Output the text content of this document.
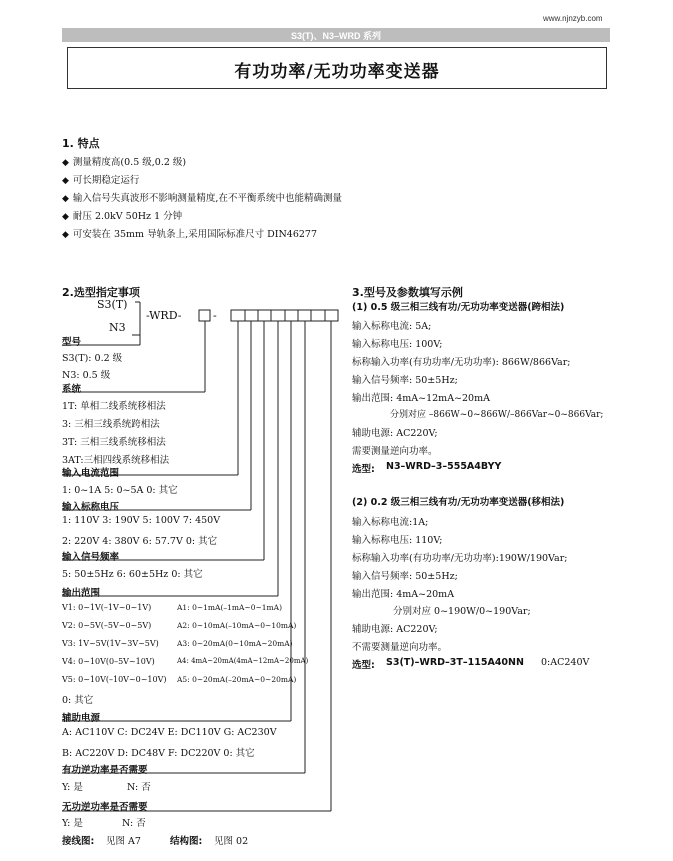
www.njnzyb.com
S3(T)、N3–WRD 系列
有功功率/无功功率变送器
1. 特点
◆ 测量精度高(0.5 级,0.2 级)
◆ 可长期稳定运行
◆ 输入信号失真波形不影响测量精度,在不平衡系统中也能精确测量
◆ 耐压 2.0kV 50Hz 1 分钟
◆ 可安装在 35mm 导轨条上,采用国际标准尺寸 DIN46277
2.选型指定事项
S3(T)
N3
-WRD-	-
型号
S3(T): 0.2 级
N3: 0.5 级
系统
1T: 单相二线系统移相法
3: 三相三线系统跨相法
3T: 三相三线系统移相法
3AT:三相四线系统移相法
输入电流范围
1: 0~1A 5: 0~5A 0: 其它
输入标称电压
1: 110V 3: 190V 5: 100V 7: 450V
2: 220V 4: 380V 6: 57.7V 0: 其它
输入信号频率
5: 50±5Hz 6: 60±5Hz 0: 其它
输出范围
V1: 0~1V(–1V~0~1V)
V2: 0~5V(–5V~0~5V)
V3: 1V~5V(1V~3V~5V)
V4: 0~10V(0–5V~10V)
V5: 0~10V(–10V~0~10V)
0: 其它
A1: 0~1mA(–1mA~0~1mA)
A2: 0~10mA(–10mA~0~10mA)
A3: 0~20mA(0~10mA~20mA)
A4: 4mA~20mA(4mA~12mA~20mA)
A5: 0~20mA(–20mA~0~20mA)
辅助电源
A: AC110V C: DC24V E: DC110V G: AC230V
B: AC220V D: DC48V F: DC220V 0: 其它
有功逆功率是否需要
Y: 是	N: 否
无功逆功率是否需要
Y: 是	N: 否
接线图: 见图 A7	结构图: 见图 02
3.型号及参数填写示例
(1) 0.5 级三相三线有功/无功功率变送器(跨相法)
输入标称电流: 5A;
输入标称电压: 100V;
标称输入功率(有功功率/无功功率): 866W/866Var;
输入信号频率: 50±5Hz;
输出范围: 4mA~12mA~20mA
分别对应 –866W~0~866W/–866Var~0~866Var;
辅助电源: AC220V;
需要测量逆向功率。
选型: N3–WRD–3–555A4BYY
(2) 0.2 级三相三线有功/无功功率变送器(移相法)
输入标称电流:1A;
输入标称电压: 110V;
标称输入功率(有功功率/无功功率):190W/190Var;
输入信号频率: 50±5Hz;
输出范围: 4mA~20mA
分别对应 0~190W/0~190Var;
辅助电源: AC220V;
不需要测量逆向功率。
选型: S3(T)–WRD–3T–115A40NN 0:AC240V
